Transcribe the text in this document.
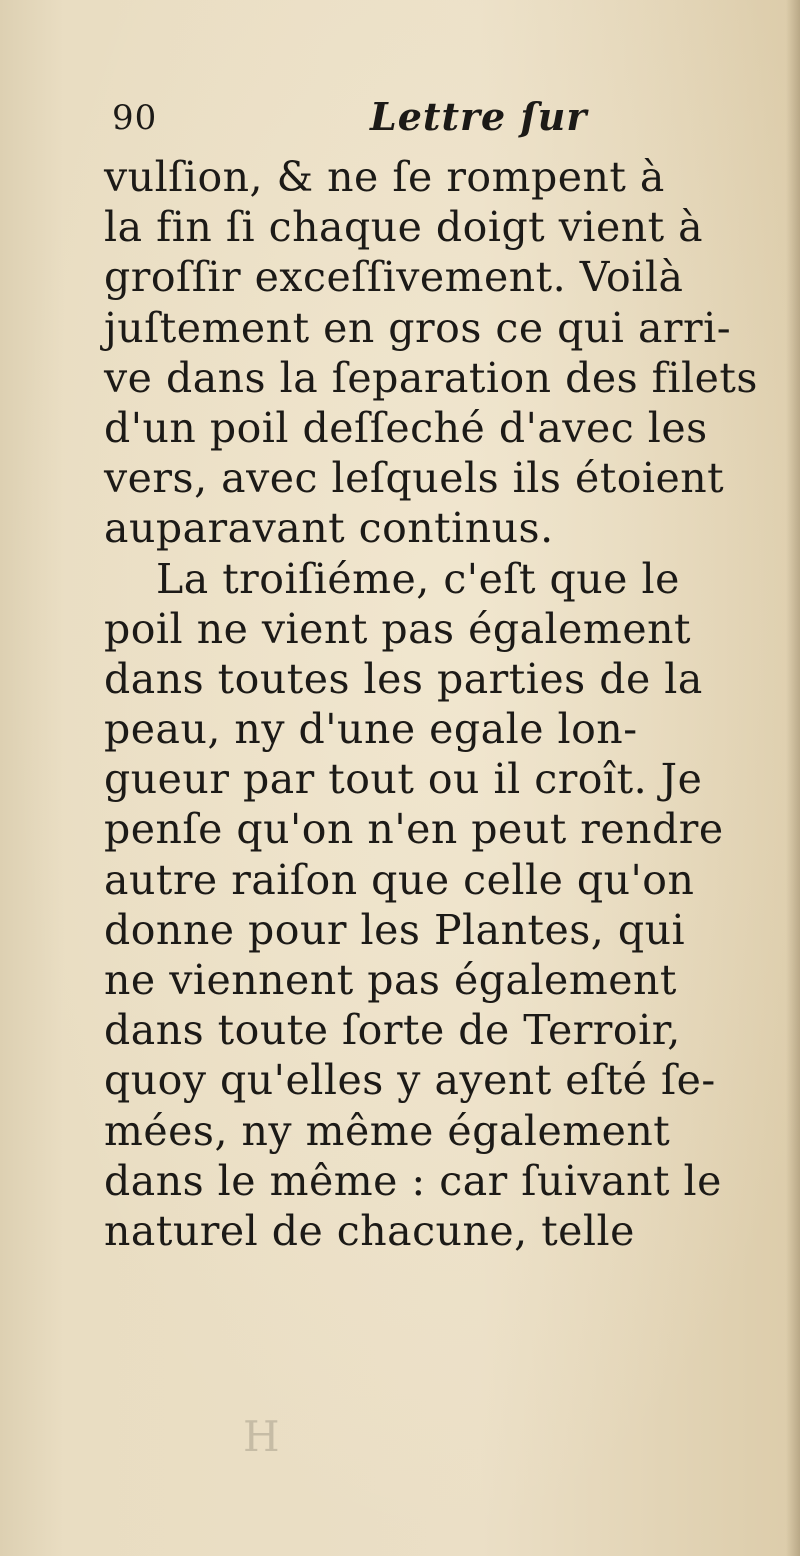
90	Lettre ſur

vulſion, & ne ſe rompent à

la fin ſi chaque doigt vient à

groſſir exceſſivement. Voilà

juſtement en gros ce qui arri-

ve dans la ſeparation des filets

d'un poil deſſeché d'avec les

vers, avec leſquels ils étoient

auparavant continus.

La troiſiéme, c'eſt que le

poil ne vient pas également

dans toutes les parties de la

peau, ny d'une egale lon-

gueur par tout ou il croît. Je

penſe qu'on n'en peut rendre

autre raiſon que celle qu'on

donne pour les Plantes, qui

ne viennent pas également

dans toute ſorte de Terroir,

quoy qu'elles y ayent eſté ſe-

mées, ny même également

dans le même : car ſuivant le

naturel de chacune, telle

H
